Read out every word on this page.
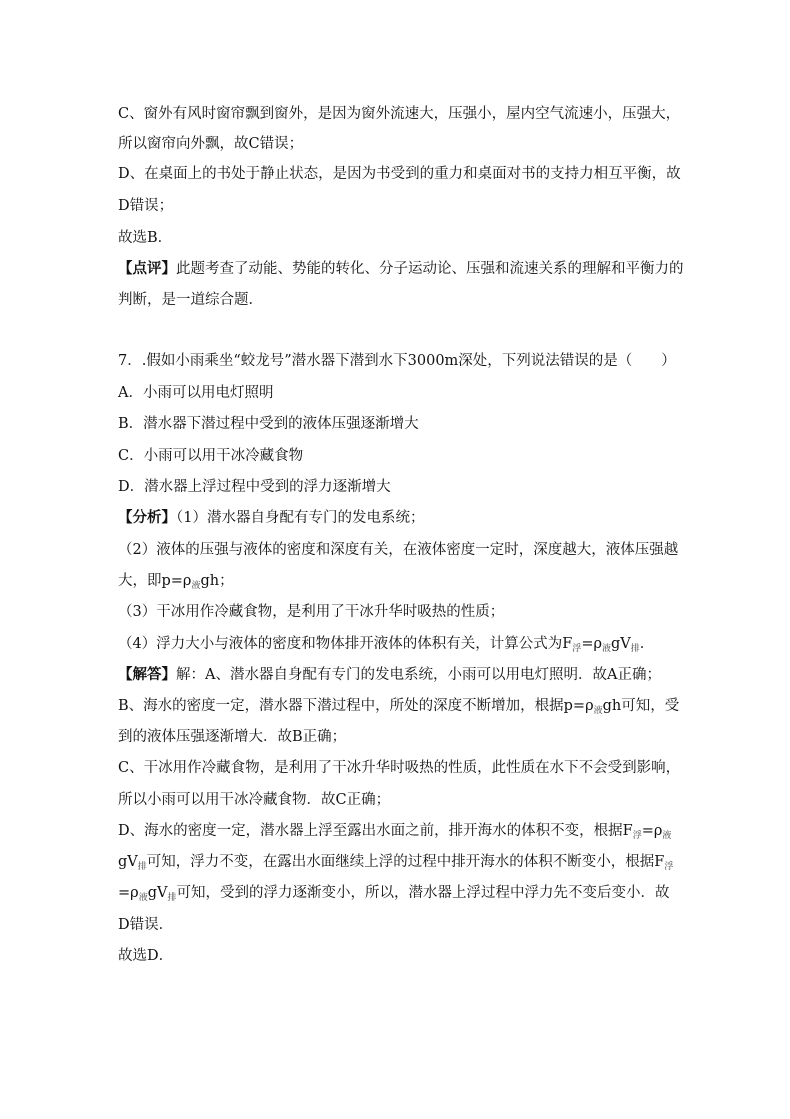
C、窗外有风时窗帘飘到窗外，是因为窗外流速大，压强小，屋内空气流速小，压强大，
所以窗帘向外飘，故C错误；
D、在桌面上的书处于静止状态，是因为书受到的重力和桌面对书的支持力相互平衡，故
D错误；
故选B．
【点评】此题考查了动能、势能的转化、分子运动论、压强和流速关系的理解和平衡力的
判断，是一道综合题．
7．.假如小雨乘坐“蛟龙号”潜水器下潜到水下3000m深处，下列说法错误的是（　　）
A．小雨可以用电灯照明
B．潜水器下潜过程中受到的液体压强逐渐增大
C．小雨可以用干冰冷藏食物
D．潜水器上浮过程中受到的浮力逐渐增大
【分析】（1）潜水器自身配有专门的发电系统；
（2）液体的压强与液体的密度和深度有关，在液体密度一定时，深度越大，液体压强越
大，即$p=\rho_液gh$；
（3）干冰用作冷藏食物，是利用了干冰升华时吸热的性质；
（4）浮力大小与液体的密度和物体排开液体的体积有关，计算公式为$F_浮=\rho_液gV_排$．
【解答】解：A、潜水器自身配有专门的发电系统，小雨可以用电灯照明．故A正确；
B、海水的密度一定，潜水器下潜过程中，所处的深度不断增加，根据$p=\rho_液gh$可知，受
到的液体压强逐渐增大．故B正确；
C、干冰用作冷藏食物，是利用了干冰升华时吸热的性质，此性质在水下不会受到影响，
所以小雨可以用干冰冷藏食物．故C正确；
D、海水的密度一定，潜水器上浮至露出水面之前，排开海水的体积不变，根据$F_浮=\rho_液$
$gV_排$可知，浮力不变，在露出水面继续上浮的过程中排开海水的体积不断变小，根据$F_浮$
$=\rho_液gV_排$可知，受到的浮力逐渐变小，所以，潜水器上浮过程中浮力先不变后变小．故
D错误．
故选D．
